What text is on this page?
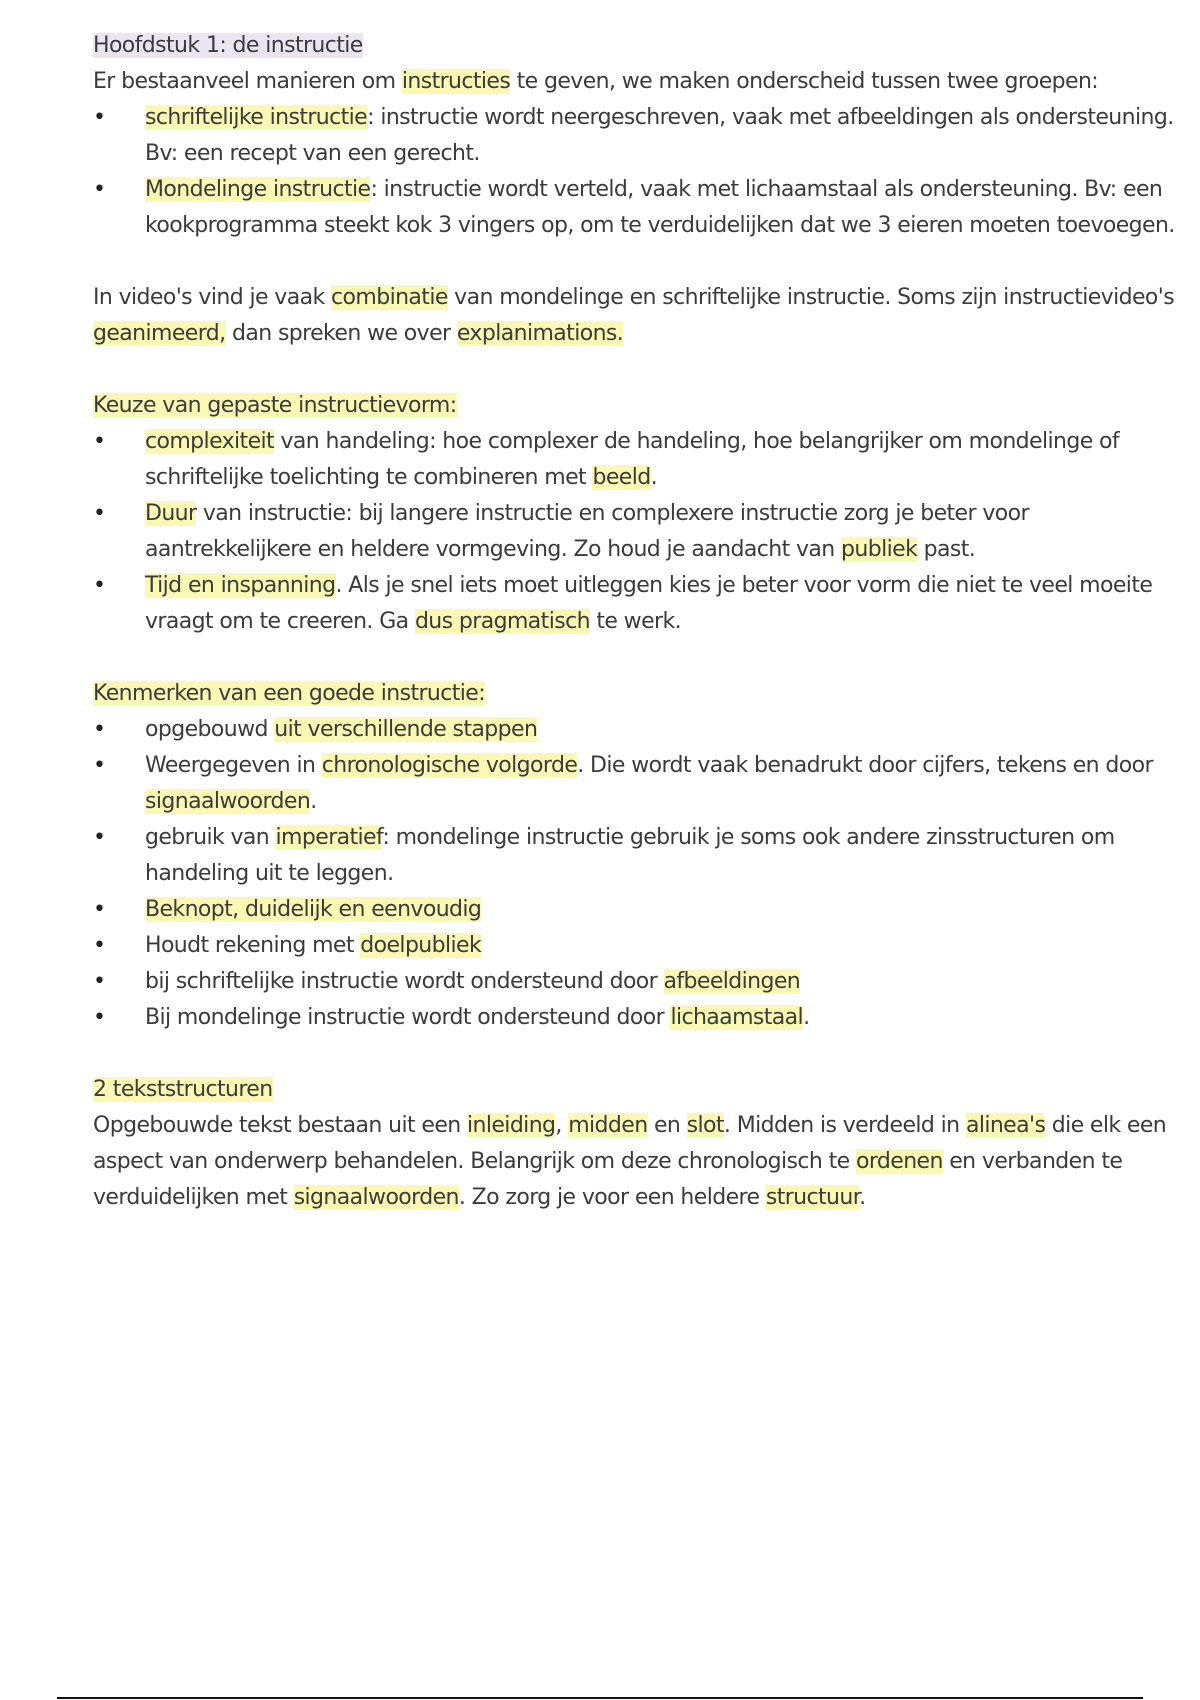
Hoofdstuk 1: de instructie

Er bestaanveel manieren om instructies te geven, we maken onderscheid tussen twee groepen:

• schriftelijke instructie: instructie wordt neergeschreven, vaak met afbeeldingen als ondersteuning. Bv: een recept van een gerecht.
• Mondelinge instructie: instructie wordt verteld, vaak met lichaamstaal als ondersteuning. Bv: een kookprogramma steekt kok 3 vingers op, om te verduidelijken dat we 3 eieren moeten toevoegen.

In video's vind je vaak combinatie van mondelinge en schriftelijke instructie. Soms zijn instructievideo's geanimeerd, dan spreken we over explanimations.

Keuze van gepaste instructievorm:
• complexiteit van handeling: hoe complexer de handeling, hoe belangrijker om mondelinge of schriftelijke toelichting te combineren met beeld.
• Duur van instructie: bij langere instructie en complexere instructie zorg je beter voor aantrekkelijkere en heldere vormgeving. Zo houd je aandacht van publiek past.
• Tijd en inspanning. Als je snel iets moet uitleggen kies je beter voor vorm die niet te veel moeite vraagt om te creeren. Ga dus pragmatisch te werk.
Kenmerken van een goede instructie:
• opgebouwd uit verschillende stappen
• Weergegeven in chronologische volgorde. Die wordt vaak benadrukt door cijfers, tekens en door signaalwoorden.
• gebruik van imperatief: mondelinge instructie gebruik je soms ook andere zinsstructuren om handeling uit te leggen.
• Beknopt, duidelijk en eenvoudig
• Houdt rekening met doelpubliek
• bij schriftelijke instructie wordt ondersteund door afbeeldingen
• Bij mondelinge instructie wordt ondersteund door lichaamstaal.
2 tekststructuren

Opgebouwde tekst bestaan uit een inleiding, midden en slot. Midden is verdeeld in alinea's die elk een aspect van onderwerp behandelen. Belangrijk om deze chronologisch te ordenen en verbanden te verduidelijken met signaalwoorden. Zo zorg je voor een heldere structuur.
